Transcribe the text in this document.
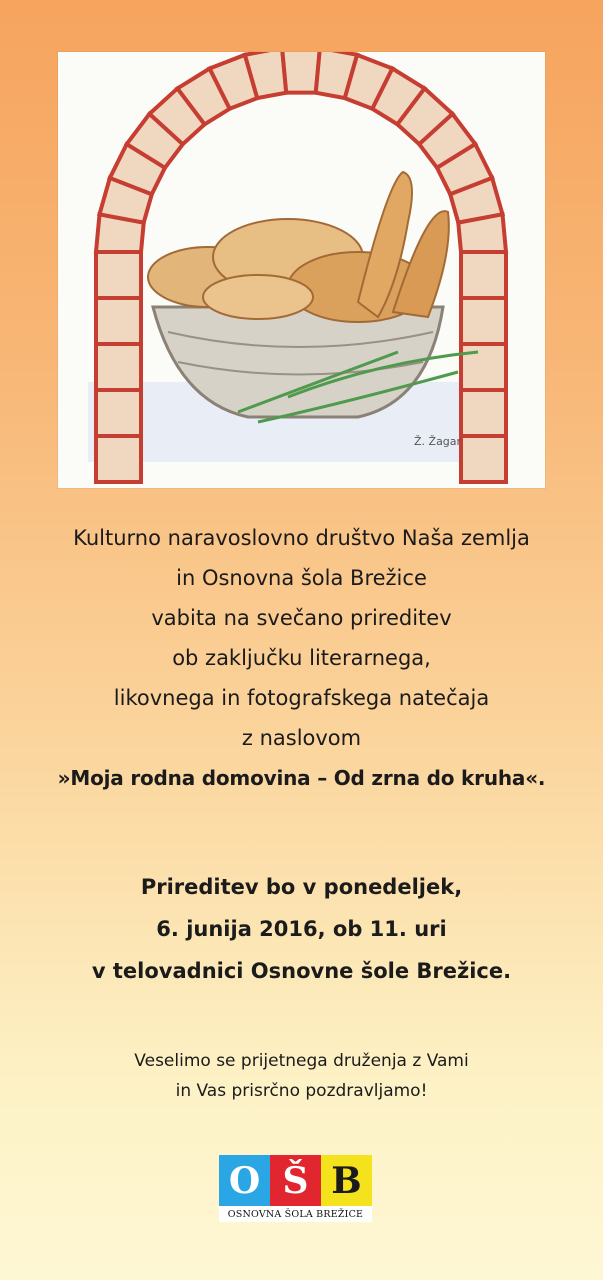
Ž. Žagar
Kulturno naravoslovno društvo Naša zemlja
in Osnovna šola Brežice
vabita na svečano prireditev
ob zaključku literarnega,
likovnega in fotografskega natečaja
z naslovom
»Moja rodna domovina – Od zrna do kruha«.
Prireditev bo v ponedeljek,
6. junija 2016, ob 11. uri
v telovadnici Osnovne šole Brežice.
Veselimo se prijetnega druženja z Vami
in Vas prisrčno pozdravljamo!
O Š B
OSNOVNA ŠOLA BREŽICE
